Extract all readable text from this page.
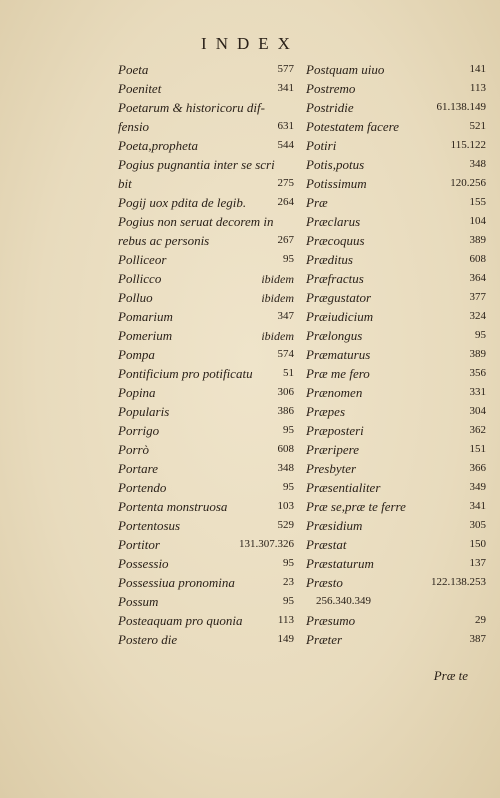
INDEX
Poeta	577
Poenitet	341
Poetarum & historicoru dif-
fensio	631
Poeta,propheta	544
Pogius pugnantia inter se scri
bit	275
Pogij uox pdita de legib.	264
Pogius non seruat decorem in
rebus ac personis	267
Polliceor	95
Pollicco	ibidem
Polluo	ibidem
Pomarium	347
Pomerium	ibidem
Pompa	574
Pontificium pro potificatu	51
Popina	306
Popularis	386
Porrigo	95
Porrò	608
Portare	348
Portendo	95
Portenta monstruosa	103
Portentosus	529
Portitor	131.307.326
Possessio	95
Possessiua pronomina	23
Possum	95
Posteaquam pro quonia	113
Postero die	149
Postquam uiuo	141
Postremo	113
Postridie	61.138.149
Potestatem facere	521
Potiri	115.122
Potis,potus	348
Potissimum	120.256
Præ	155
Præclarus	104
Præcoquus	389
Præditus	608
Præfractus	364
Prægustator	377
Præiudicium	324
Prælongus	95
Præmaturus	389
Præ me fero	356
Prænomen	331
Præpes	304
Præposteri	362
Præripere	151
Presbyter	366
Præsentialiter	349
Præ se,præ te ferre	341
Præsidium	305
Præstat	150
Præstaturum	137
Præsto	122.138.253
256.340.349
Præsumo	29
Præter	387
Præ te
